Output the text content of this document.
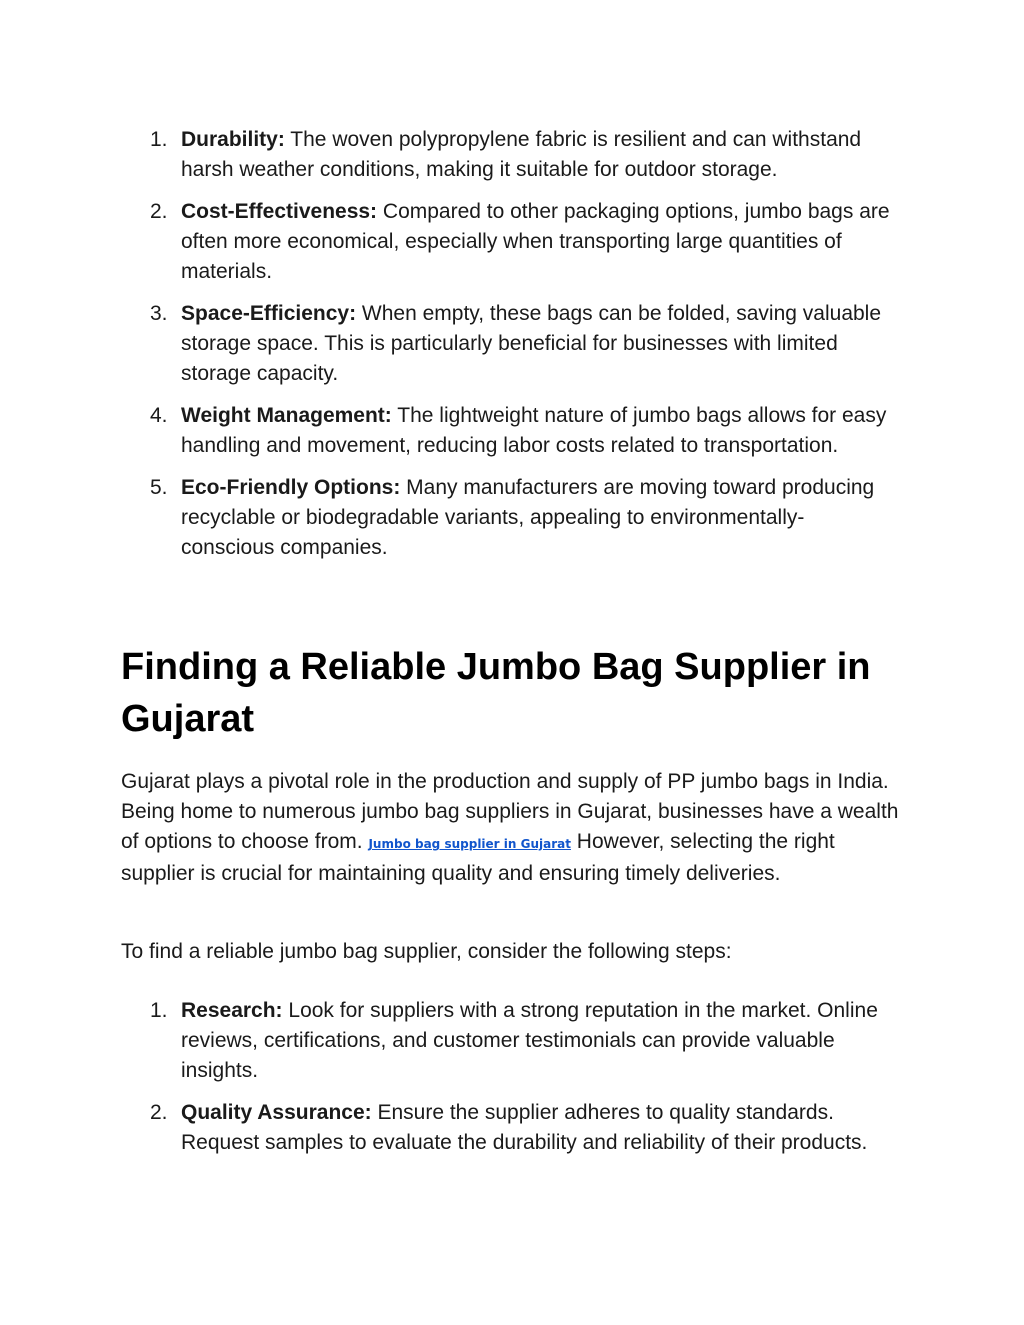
1. Durability: The woven polypropylene fabric is resilient and can withstand harsh weather conditions, making it suitable for outdoor storage.
2. Cost-Effectiveness: Compared to other packaging options, jumbo bags are often more economical, especially when transporting large quantities of materials.
3. Space-Efficiency: When empty, these bags can be folded, saving valuable storage space. This is particularly beneficial for businesses with limited storage capacity.
4. Weight Management: The lightweight nature of jumbo bags allows for easy handling and movement, reducing labor costs related to transportation.
5. Eco-Friendly Options: Many manufacturers are moving toward producing recyclable or biodegradable variants, appealing to environmentally-conscious companies.
Finding a Reliable Jumbo Bag Supplier in Gujarat

Gujarat plays a pivotal role in the production and supply of PP jumbo bags in India. Being home to numerous jumbo bag suppliers in Gujarat, businesses have a wealth of options to choose from. Jumbo bag supplier in Gujarat However, selecting the right supplier is crucial for maintaining quality and ensuring timely deliveries.

To find a reliable jumbo bag supplier, consider the following steps:

1. Research: Look for suppliers with a strong reputation in the market. Online reviews, certifications, and customer testimonials can provide valuable insights.
2. Quality Assurance: Ensure the supplier adheres to quality standards. Request samples to evaluate the durability and reliability of their products.
